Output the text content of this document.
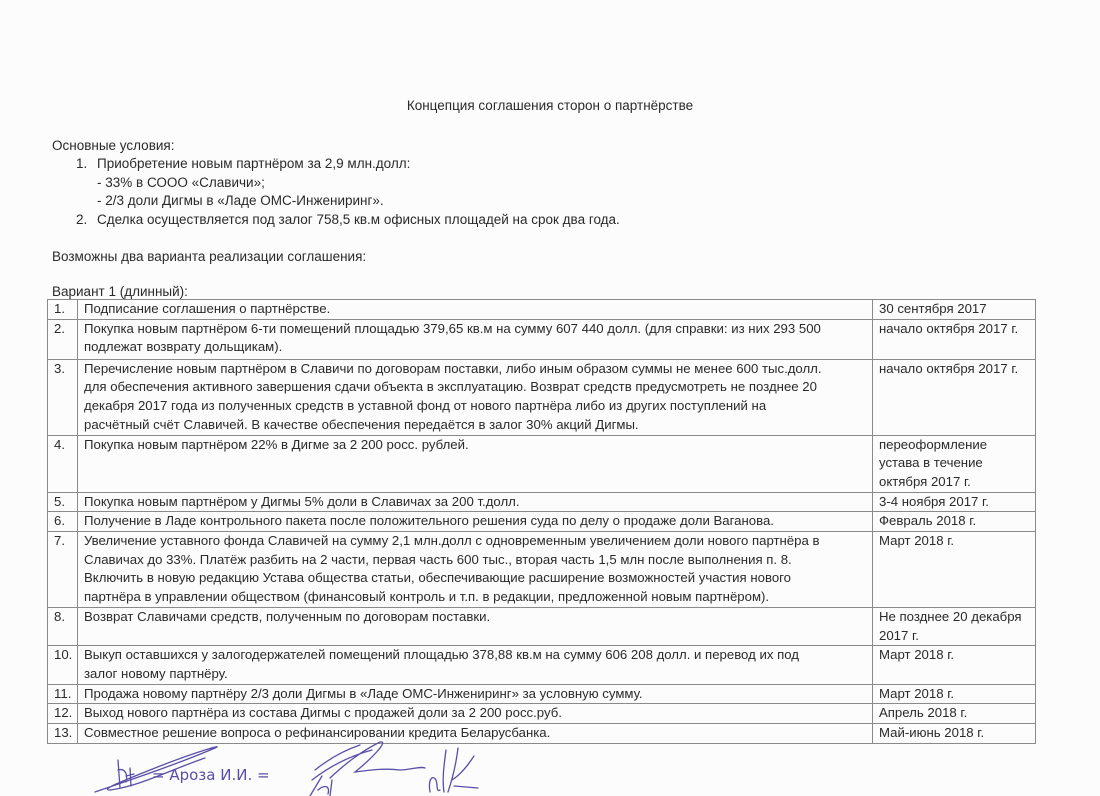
Концепция соглашения сторон о партнёрстве
Основные условия:
1. Приобретение новым партнёром за 2,9 млн.долл:
- 33% в СООО «Славичи»;
- 2/3 доли Дигмы в «Ладе ОМС-Инжениринг».
2. Сделка осуществляется под залог 758,5 кв.м офисных площадей на срок два года.
Возможны два варианта реализации соглашения:
Вариант 1 (длинный):
1.	Подписание соглашения о партнёрстве.	30 сентября 2017

2.	Покупка новым партнёром 6-ти помещений площадью 379,65 кв.м на сумму 607 440 долл. (для справки: из них 293 500
подлежат возврату дольщикам).	начало октября 2017 г.

3.	Перечисление новым партнёром в Славичи по договорам поставки, либо иным образом суммы не менее 600 тыс.долл.
для обеспечения активного завершения сдачи объекта в эксплуатацию. Возврат средств предусмотреть не позднее 20
декабря 2017 года из полученных средств в уставной фонд от нового партнёра либо из других поступлений на
расчётный счёт Славичей. В качестве обеспечения передаётся в залог 30% акций Дигмы.	начало октября 2017 г.

4.	Покупка новым партнёром 22% в Дигме за 2 200 росс. рублей.	переоформление
устава в течение
октября 2017 г.

5.	Покупка новым партнёром у Дигмы 5% доли в Славичах за 200 т.долл.	3-4 ноября 2017 г.

6.	Получение в Ладе контрольного пакета после положительного решения суда по делу о продаже доли Ваганова.	Февраль 2018 г.

7.	Увеличение уставного фонда Славичей на сумму 2,1 млн.долл с одновременным увеличением доли нового партнёра в
Славичах до 33%. Платёж разбить на 2 части, первая часть 600 тыс., вторая часть 1,5 млн после выполнения п. 8.
Включить в новую редакцию Устава общества статьи, обеспечивающие расширение возможностей участия нового
партнёра в управлении обществом (финансовый контроль и т.п. в редакции, предложенной новым партнёром).	Март 2018 г.

8.	Возврат Славичами средств, полученным по договорам поставки.	Не позднее 20 декабря
2017 г.

10.	Выкуп оставшихся у залогодержателей помещений площадью 378,88 кв.м на сумму 606 208 долл. и перевод их под
залог новому партнёру.	Март 2018 г.

11.	Продажа новому партнёру 2/3 доли Дигмы в «Ладе ОМС-Инжениринг» за условную сумму.	Март 2018 г.

12.	Выход нового партнёра из состава Дигмы с продажей доли за 2 200 росс.руб.	Апрель 2018 г.

13.	Совместное решение вопроса о рефинансировании кредита Беларусбанка.	Май-июнь 2018 г.
= Ароза И.И. =
